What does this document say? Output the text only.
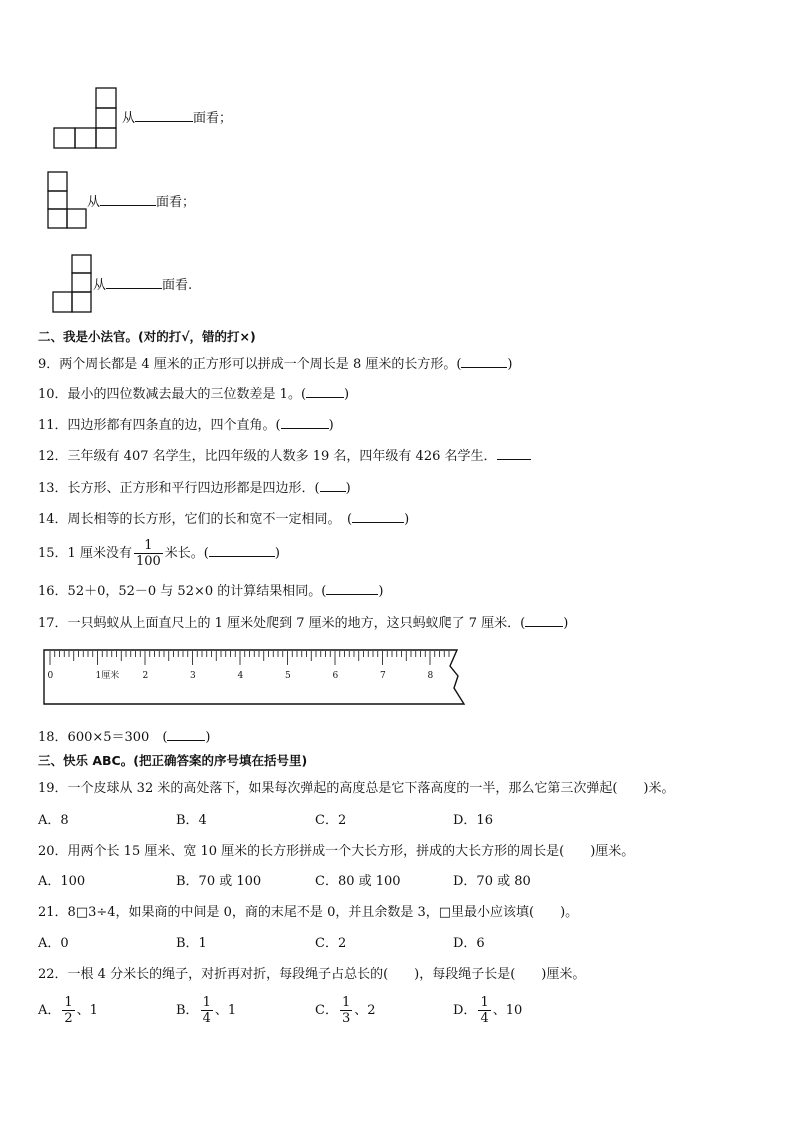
从	面看；
从	面看；
从	面看.
二、我是小法官。(对的打√，错的打×)
9．两个周长都是 4 厘米的正方形可以拼成一个周长是 8 厘米的长方形。(	)
10．最小的四位数减去最大的三位数差是 1。(	)
11．四边形都有四条直的边，四个直角。(	)
12．三年级有 407 名学生，比四年级的人数多 19 名，四年级有 426 名学生．
13．长方形、正方形和平行四边形都是四边形．( )
14．周长相等的长方形，它们的长和宽不一定相同。　(	)
15．1 厘米没有 $\frac{1}{100}$ 米长。(	)
16．52＋0，52－0 与 52×0 的计算结果相同。(	)
17．一只蚂蚁从上面直尺上的 1 厘米处爬到 7 厘米的地方，这只蚂蚁爬了 7 厘米．(	)
0	1厘米	2	3	4	5	6	7	8
18．600×5＝300　(	)
三、快乐 ABC。(把正确答案的序号填在括号里)
19．一个皮球从 32 米的高处落下，如果每次弹起的高度总是它下落高度的一半，那么它第三次弹起(　　)米。
A．8	B．4	C．2	D．16
20．用两个长 15 厘米、宽 10 厘米的长方形拼成一个大长方形，拼成的大长方形的周长是(　　)厘米。
A．100	B．70 或 100	C．80 或 100	D．70 或 80
21．8□3÷4，如果商的中间是 0，商的末尾不是 0，并且余数是 3，□里最小应该填(　　)。
A．0	B．1	C．2	D．6
22．一根 4 分米长的绳子，对折再对折，每段绳子占总长的(　　)，每段绳子长是(　　)厘米。
A． $\frac{1}{2}$ 、1	B． $\frac{1}{4}$ 、1	C． $\frac{1}{3}$ 、2	D． $\frac{1}{4}$ 、10
